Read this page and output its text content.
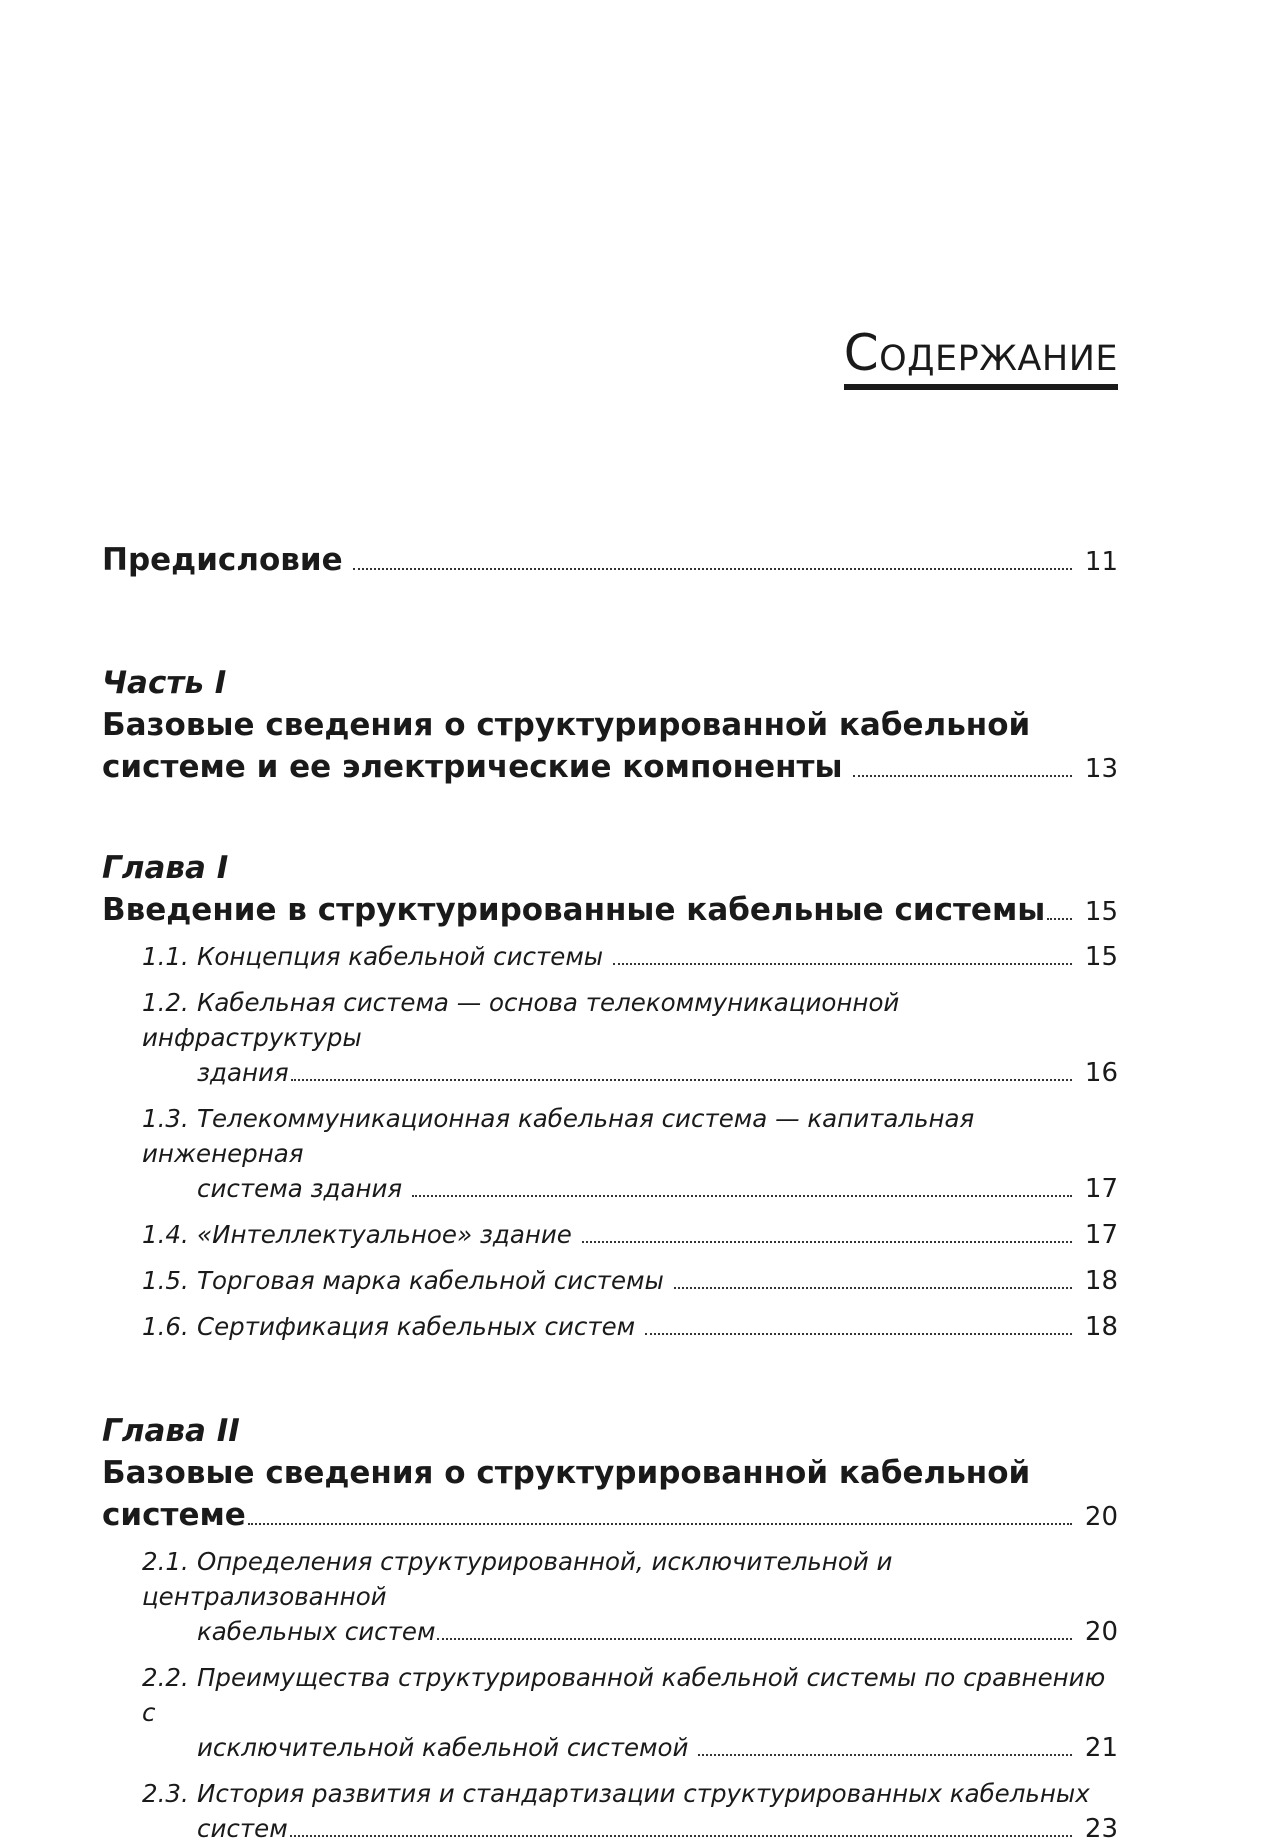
Содержание
Предисловие	11
Часть I
Базовые сведения о структурированной кабельной
системе и ее электрические компоненты	13
Глава I
Введение в структурированные кабельные системы 15
1.1. Концепция кабельной системы	15
1.2. Кабельная система — основа телекоммуникационной инфраструктуры
здания	16
1.3. Телекоммуникационная кабельная система — капитальная инженерная
система здания	17
1.4. «Интеллектуальное» здание	17
1.5. Торговая марка кабельной системы	18
1.6. Сертификация кабельных систем	18
Глава II
Базовые сведения о структурированной кабельной
системе	20
2.1. Определения структурированной, исключительной и централизованной
кабельных систем	20
2.2. Преимущества структурированной кабельной системы по сравнению с
исключительной кабельной системой	21
2.3. История развития и стандартизации структурированных кабельных
систем	23
